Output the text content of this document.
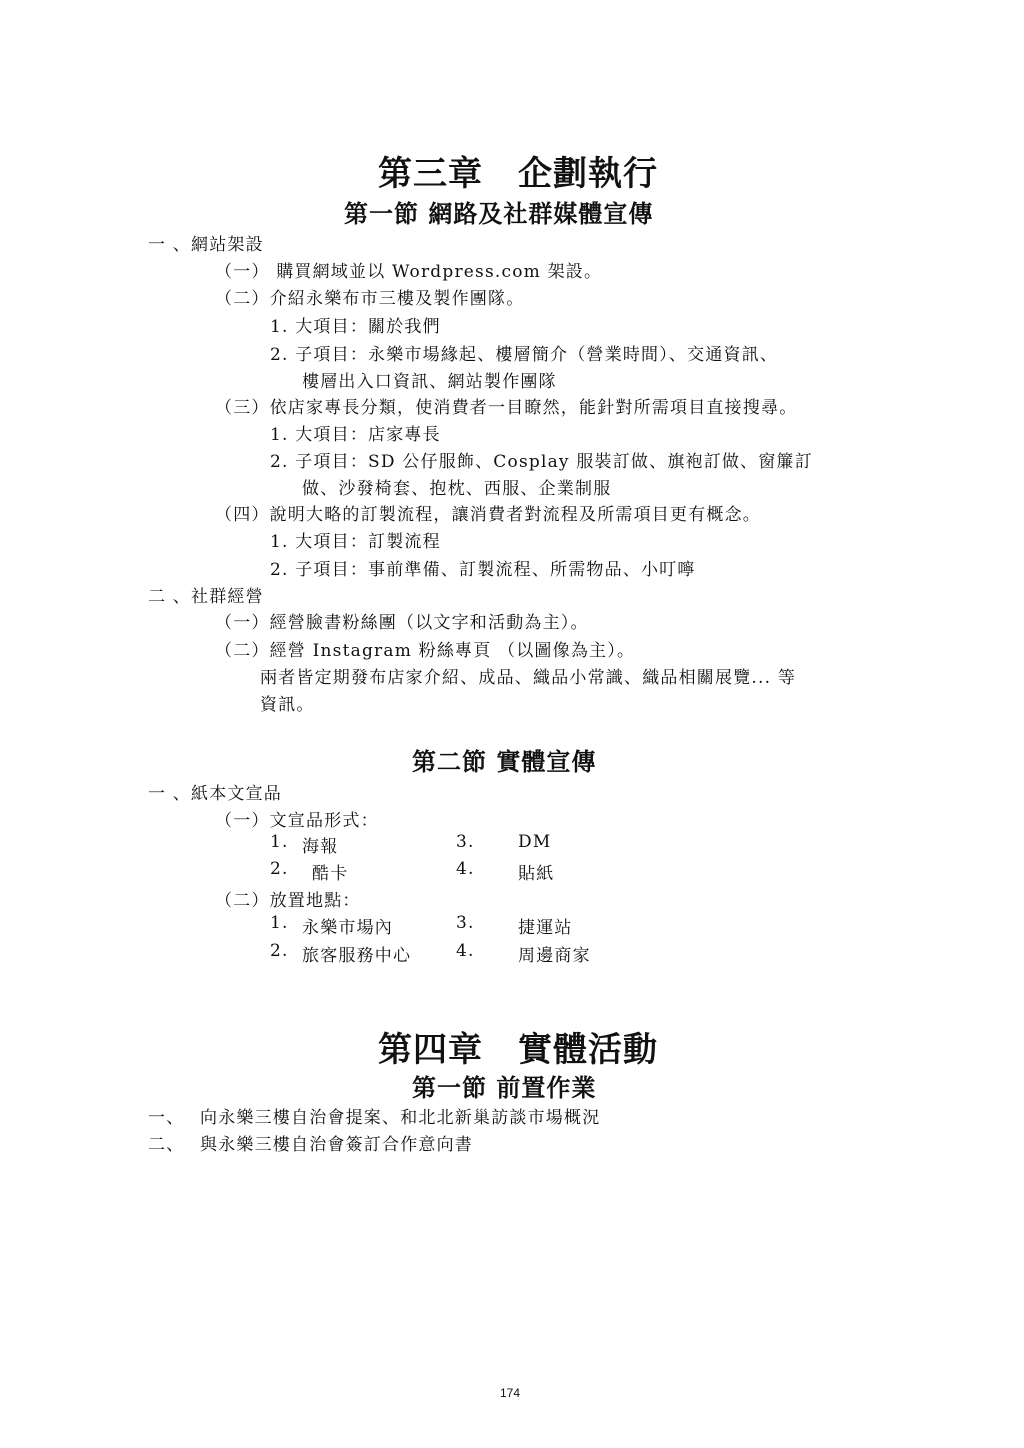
第三章　企劃執行
第一節 網路及社群媒體宣傳
一 、網站架設
（一） 購買網域並以 Wordpress.com 架設。
（二）介紹永樂布市三樓及製作團隊。
1. 大項目：關於我們
2. 子項目：永樂市場緣起、樓層簡介（營業時間）、交通資訊、
樓層出入口資訊、網站製作團隊
（三）依店家專長分類，使消費者一目瞭然，能針對所需項目直接搜尋。
1. 大項目：店家專長
2. 子項目：SD 公仔服飾、Cosplay 服裝訂做、旗袍訂做、窗簾訂
做、沙發椅套、抱枕、西服、企業制服
（四）說明大略的訂製流程，讓消費者對流程及所需項目更有概念。
1. 大項目：訂製流程
2. 子項目：事前準備、訂製流程、所需物品、小叮嚀
二 、社群經營
（一）經營臉書粉絲團（以文字和活動為主）。
（二）經營 Instagram 粉絲專頁 （以圖像為主）。
兩者皆定期發布店家介紹、成品、織品小常識、織品相關展覽... 等
資訊。
第二節 實體宣傳
一 、紙本文宣品
（一）文宣品形式：
1. 海報	3.	DM
2. 酷卡	4.	貼紙
（二）放置地點：
1. 永樂市場內	3.	捷運站
2. 旅客服務中心	4.	周邊商家
第四章　實體活動
第一節 前置作業
一、 向永樂三樓自治會提案、和北北新巢訪談市場概況
二、 與永樂三樓自治會簽訂合作意向書
174
